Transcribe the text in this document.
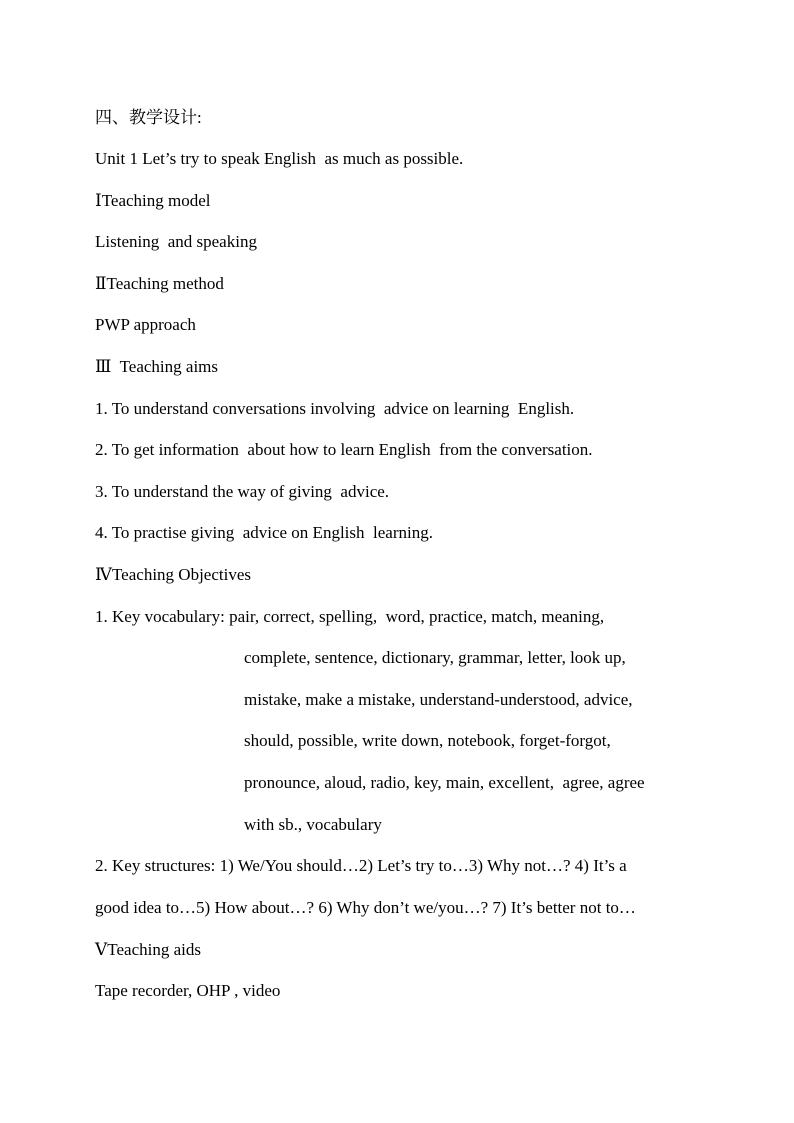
四、教学设计:
Unit 1 Let’s try to speak English  as much as possible.
ⅠTeaching model
Listening  and speaking
ⅡTeaching method
PWP approach
Ⅲ  Teaching aims
1. To understand conversations involving  advice on learning  English.
2. To get information  about how to learn English  from the conversation.
3. To understand the way of giving  advice.
4. To practise giving  advice on English  learning.
ⅣTeaching Objectives
1. Key vocabulary: pair, correct, spelling,  word, practice, match, meaning,
complete, sentence, dictionary, grammar, letter, look up,
mistake, make a mistake, understand-understood, advice,
should, possible, write down, notebook, forget-forgot,
pronounce, aloud, radio, key, main, excellent,  agree, agree
with sb., vocabulary
2. Key structures: 1) We/You should…2) Let’s try to…3) Why not…? 4) It’s a
good idea to…5) How about…? 6) Why don’t we/you…? 7) It’s better not to…
ⅤTeaching aids
Tape recorder, OHP , video
